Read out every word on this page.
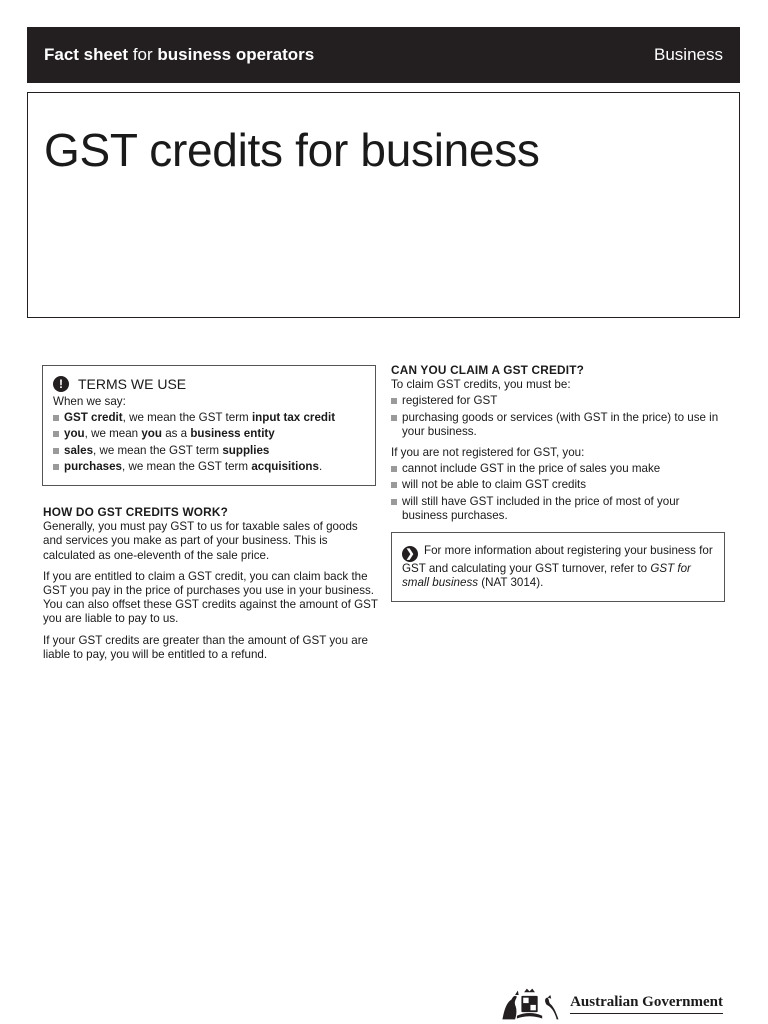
Fact sheet for business operators	Business
GST credits for business
!	TERMS WE USE

When we say:

GST credit, we mean the GST term input tax credit
you, we mean you as a business entity
sales, we mean the GST term supplies
purchases, we mean the GST term acquisitions.
HOW DO GST CREDITS WORK?

Generally, you must pay GST to us for taxable sales of goods and services you make as part of your business. This is calculated as one-eleventh of the sale price.

If you are entitled to claim a GST credit, you can claim back the GST you pay in the price of purchases you use in your business. You can also offset these GST credits against the amount of GST you are liable to pay to us.

If your GST credits are greater than the amount of GST you are liable to pay, you will be entitled to a refund.

CAN YOU CLAIM A GST CREDIT?

To claim GST credits, you must be:

registered for GST
purchasing goods or services (with GST in the price) to use in your business.

If you are not registered for GST, you:

cannot include GST in the price of sales you make
will not be able to claim GST credits
will still have GST included in the price of most of your business purchases.
❯ For more information about registering your business for GST and calculating your GST turnover, refer to GST for small business (NAT 3014).
Australian Government
